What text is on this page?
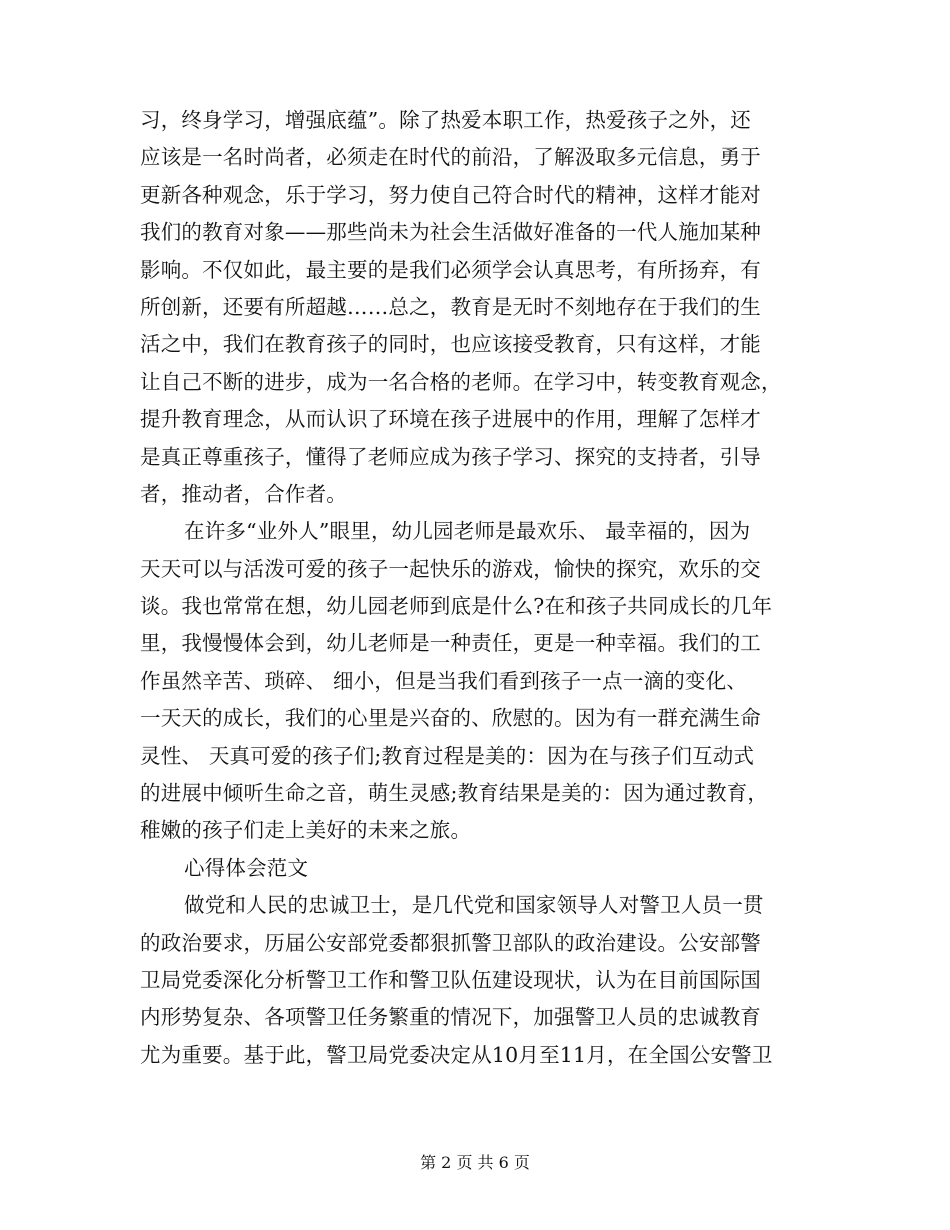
习，终身学习，增强底蕴”。除了热爱本职工作，热爱孩子之外，还
应该是一名时尚者，必须走在时代的前沿，了解汲取多元信息，勇于
更新各种观念，乐于学习，努力使自己符合时代的精神，这样才能对
我们的教育对象——那些尚未为社会生活做好准备的一代人施加某种
影响。不仅如此，最主要的是我们必须学会认真思考，有所扬弃，有
所创新，还要有所超越……总之，教育是无时不刻地存在于我们的生
活之中，我们在教育孩子的同时，也应该接受教育，只有这样，才能
让自己不断的进步，成为一名合格的老师。在学习中，转变教育观念，
提升教育理念，从而认识了环境在孩子进展中的作用，理解了怎样才
是真正尊重孩子，懂得了老师应成为孩子学习、探究的支持者，引导
者，推动者，合作者。
在许多“业外人”眼里，幼儿园老师是最欢乐、 最幸福的，因为
天天可以与活泼可爱的孩子一起快乐的游戏，愉快的探究，欢乐的交
谈。我也常常在想，幼儿园老师到底是什么?在和孩子共同成长的几年
里，我慢慢体会到，幼儿老师是一种责任，更是一种幸福。我们的工
作虽然辛苦、琐碎、 细小，但是当我们看到孩子一点一滴的变化、
一天天的成长，我们的心里是兴奋的、欣慰的。因为有一群充满生命
灵性、 天真可爱的孩子们;教育过程是美的：因为在与孩子们互动式
的进展中倾听生命之音，萌生灵感;教育结果是美的：因为通过教育，
稚嫩的孩子们走上美好的未来之旅。
心得体会范文
做党和人民的忠诚卫士，是几代党和国家领导人对警卫人员一贯
的政治要求，历届公安部党委都狠抓警卫部队的政治建设。公安部警
卫局党委深化分析警卫工作和警卫队伍建设现状，认为在目前国际国
内形势复杂、各项警卫任务繁重的情况下，加强警卫人员的忠诚教育
尤为重要。基于此，警卫局党委决定从10月至11月，在全国公安警卫
第 2 页 共 6 页
